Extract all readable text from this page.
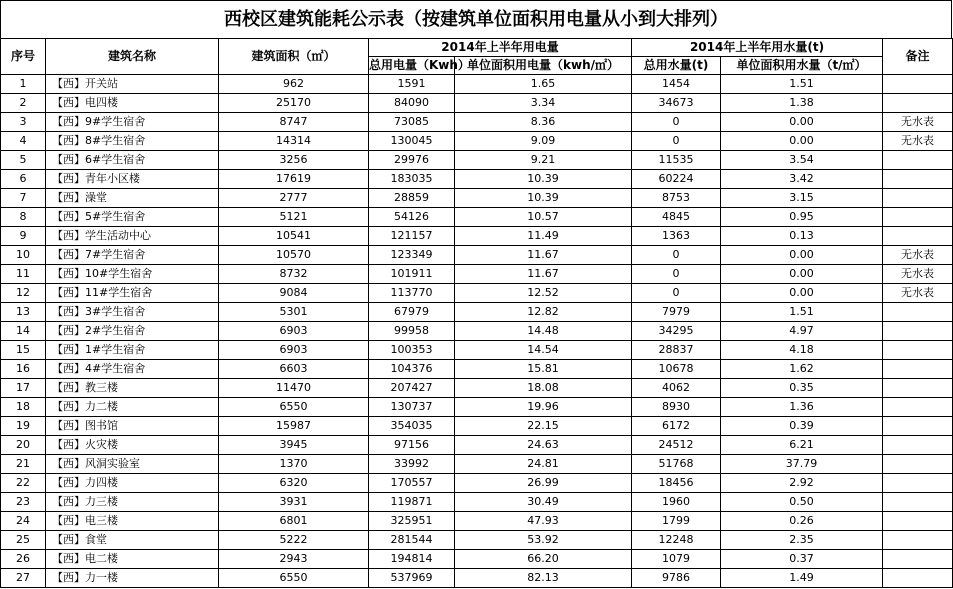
西校区建筑能耗公示表（按建筑单位面积用电量从小到大排列）
序号	建筑名称	建筑面积（㎡）	2014年上半年用电量		2014年上半年用水量(t)		备注
			总用电量（Kwh）	单位面积用电量（kwh/㎡）	总用水量(t)	单位面积用水量（t/㎡）	
1	【西】开关站	962	1591	1.65	1454	1.51	
2	【西】电四楼	25170	84090	3.34	34673	1.38	
3	【西】9#学生宿舍	8747	73085	8.36	0	0.00	无水表
4	【西】8#学生宿舍	14314	130045	9.09	0	0.00	无水表
5	【西】6#学生宿舍	3256	29976	9.21	11535	3.54	
6	【西】青年小区楼	17619	183035	10.39	60224	3.42	
7	【西】澡堂	2777	28859	10.39	8753	3.15	
8	【西】5#学生宿舍	5121	54126	10.57	4845	0.95	
9	【西】学生活动中心	10541	121157	11.49	1363	0.13	
10	【西】7#学生宿舍	10570	123349	11.67	0	0.00	无水表
11	【西】10#学生宿舍	8732	101911	11.67	0	0.00	无水表
12	【西】11#学生宿舍	9084	113770	12.52	0	0.00	无水表
13	【西】3#学生宿舍	5301	67979	12.82	7979	1.51	
14	【西】2#学生宿舍	6903	99958	14.48	34295	4.97	
15	【西】1#学生宿舍	6903	100353	14.54	28837	4.18	
16	【西】4#学生宿舍	6603	104376	15.81	10678	1.62	
17	【西】教三楼	11470	207427	18.08	4062	0.35	
18	【西】力二楼	6550	130737	19.96	8930	1.36	
19	【西】图书馆	15987	354035	22.15	6172	0.39	
20	【西】火灾楼	3945	97156	24.63	24512	6.21	
21	【西】风洞实验室	1370	33992	24.81	51768	37.79	
22	【西】力四楼	6320	170557	26.99	18456	2.92	
23	【西】力三楼	3931	119871	30.49	1960	0.50	
24	【西】电三楼	6801	325951	47.93	1799	0.26	
25	【西】食堂	5222	281544	53.92	12248	2.35	
26	【西】电二楼	2943	194814	66.20	1079	0.37	
27	【西】力一楼	6550	537969	82.13	9786	1.49	
